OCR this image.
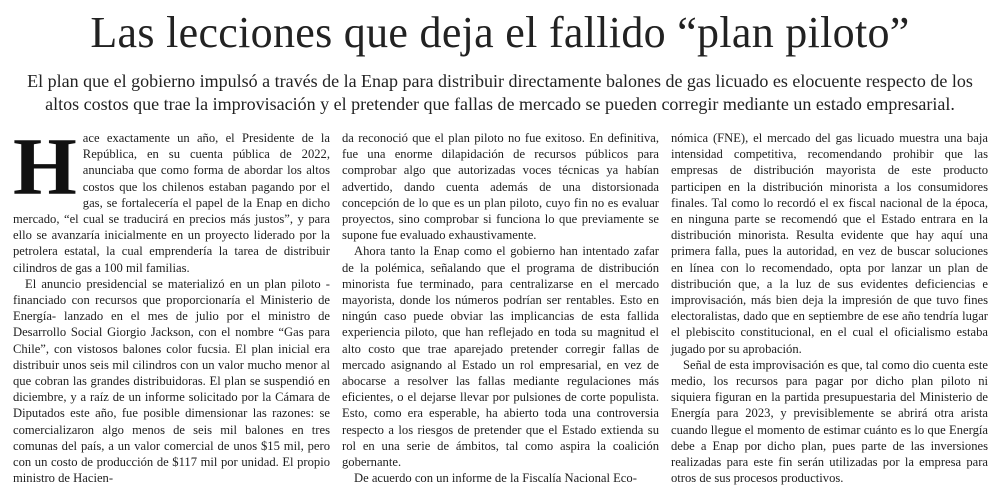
Las lecciones que deja el fallido “plan piloto”

El plan que el gobierno impulsó a través de la Enap para distribuir directamente balones de gas licuado es elocuente respecto de los altos costos que trae la improvisación y el pretender que fallas de mercado se pueden corregir mediante un estado empresarial.

H ace exactamente un año, el Presidente de la República, en su cuenta pública de 2022, anunciaba que como forma de abordar los altos costos que los chilenos estaban pagando por el gas, se fortalecería el papel de la Enap en dicho mercado, “el cual se traducirá en precios más justos”, y para ello se avanzaría inicialmente en un proyecto liderado por la petrolera estatal, la cual emprendería la tarea de distribuir cilindros de gas a 100 mil familias.

El anuncio presidencial se materializó en un plan piloto -financiado con recursos que proporcionaría el Ministerio de Energía- lanzado en el mes de julio por el ministro de Desarrollo Social Giorgio Jackson, con el nombre “Gas para Chile”, con vistosos balones color fucsia. El plan inicial era distribuir unos seis mil cilindros con un valor mucho menor al que cobran las grandes distribuidoras. El plan se suspendió en diciembre, y a raíz de un informe solicitado por la Cámara de Diputados este año, fue posible dimensionar las razones: se comercializaron algo menos de seis mil balones en tres comunas del país, a un valor comercial de unos $15 mil, pero con un costo de producción de $117 mil por unidad. El propio ministro de Hacien-

da reconoció que el plan piloto no fue exitoso. En definitiva, fue una enorme dilapidación de recursos públicos para comprobar algo que autorizadas voces técnicas ya habían advertido, dando cuenta además de una distorsionada concepción de lo que es un plan piloto, cuyo fin no es evaluar proyectos, sino comprobar si funciona lo que previamente se supone fue evaluado exhaustivamente.

Ahora tanto la Enap como el gobierno han intentado zafar de la polémica, señalando que el programa de distribución minorista fue terminado, para centralizarse en el mercado mayorista, donde los números podrían ser rentables. Esto en ningún caso puede obviar las implicancias de esta fallida experiencia piloto, que han reflejado en toda su magnitud el alto costo que trae aparejado pretender corregir fallas de mercado asignando al Estado un rol empresarial, en vez de abocarse a resolver las fallas mediante regulaciones más eficientes, o el dejarse llevar por pulsiones de corte populista. Esto, como era esperable, ha abierto toda una controversia respecto a los riesgos de pretender que el Estado extienda su rol en una serie de ámbitos, tal como aspira la coalición gobernante.

De acuerdo con un informe de la Fiscalía Nacional Eco-

nómica (FNE), el mercado del gas licuado muestra una baja intensidad competitiva, recomendando prohibir que las empresas de distribución mayorista de este producto participen en la distribución minorista a los consumidores finales. Tal como lo recordó el ex fiscal nacional de la época, en ninguna parte se recomendó que el Estado entrara en la distribución minorista. Resulta evidente que hay aquí una primera falla, pues la autoridad, en vez de buscar soluciones en línea con lo recomendado, opta por lanzar un plan de distribución que, a la luz de sus evidentes deficiencias e improvisación, más bien deja la impresión de que tuvo fines electoralistas, dado que en septiembre de ese año tendría lugar el plebiscito constitucional, en el cual el oficialismo estaba jugado por su aprobación.

Señal de esta improvisación es que, tal como dio cuenta este medio, los recursos para pagar por dicho plan piloto ni siquiera figuran en la partida presupuestaria del Ministerio de Energía para 2023, y previsiblemente se abrirá otra arista cuando llegue el momento de estimar cuánto es lo que Energía debe a Enap por dicho plan, pues parte de las inversiones realizadas para este fin serán utilizadas por la empresa para otros de sus procesos productivos.
